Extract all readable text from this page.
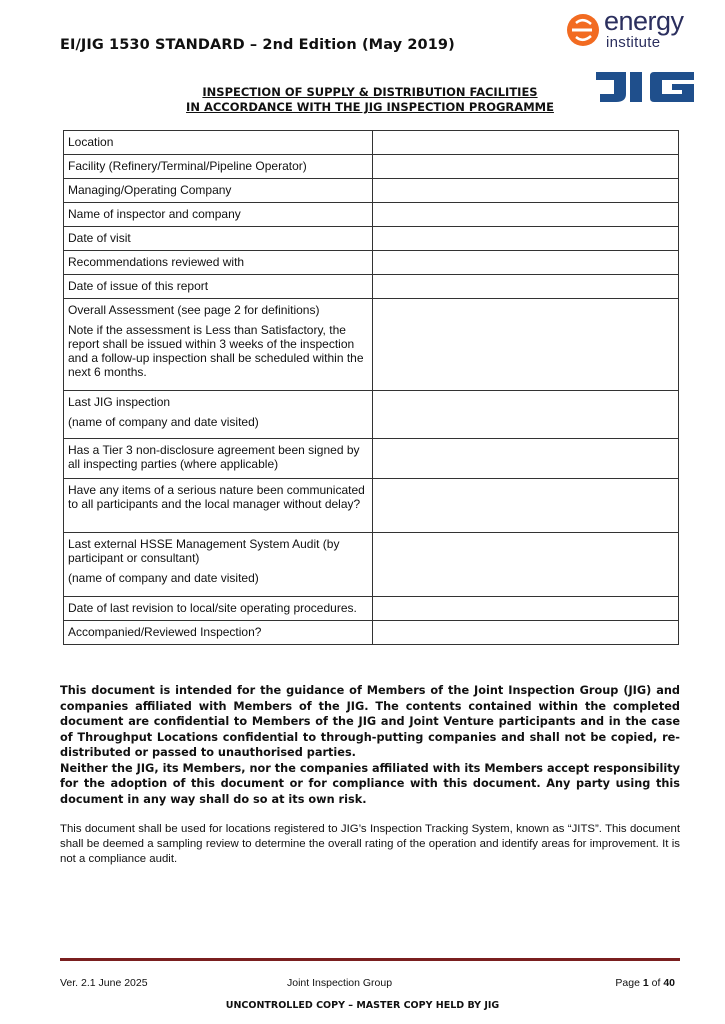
EI/JIG 1530 STANDARD – 2nd Edition (May 2019)
energy
institute
JIG
INSPECTION OF SUPPLY & DISTRIBUTION FACILITIES
IN ACCORDANCE WITH THE JIG INSPECTION PROGRAMME
Location	

Facility (Refinery/Terminal/Pipeline Operator)	

Managing/Operating Company	

Name of inspector and company	

Date of visit	

Recommendations reviewed with	

Date of issue of this report	

Overall Assessment (see page 2 for definitions)
Note if the assessment is Less than Satisfactory, the report shall be issued within 3 weeks of the inspection and a follow-up inspection shall be scheduled within the next 6 months.	

Last JIG inspection
(name of company and date visited)	

Has a Tier 3 non-disclosure agreement been signed by all inspecting parties (where applicable)	

Have any items of a serious nature been communicated to all participants and the local manager without delay?	

Last external HSSE Management System Audit (by participant or consultant)
(name of company and date visited)	

Date of last revision to local/site operating procedures.	

Accompanied/Reviewed Inspection?	

This document is intended for the guidance of Members of the Joint Inspection Group (JIG) and companies affiliated with Members of the JIG. The contents contained within the completed document are confidential to Members of the JIG and Joint Venture participants and in the case of Throughput Locations confidential to through-putting companies and shall not be copied, re-distributed or passed to unauthorised parties.

Neither the JIG, its Members, nor the companies affiliated with its Members accept responsibility for the adoption of this document or for compliance with this document. Any party using this document in any way shall do so at its own risk.

This document shall be used for locations registered to JIG’s Inspection Tracking System, known as “JITS”. This document shall be deemed a sampling review to determine the overall rating of the operation and identify areas for improvement. It is not a compliance audit.
Ver. 2.1 June 2025	Joint Inspection Group	Page 1 of 40
UNCONTROLLED COPY – MASTER COPY HELD BY JIG
